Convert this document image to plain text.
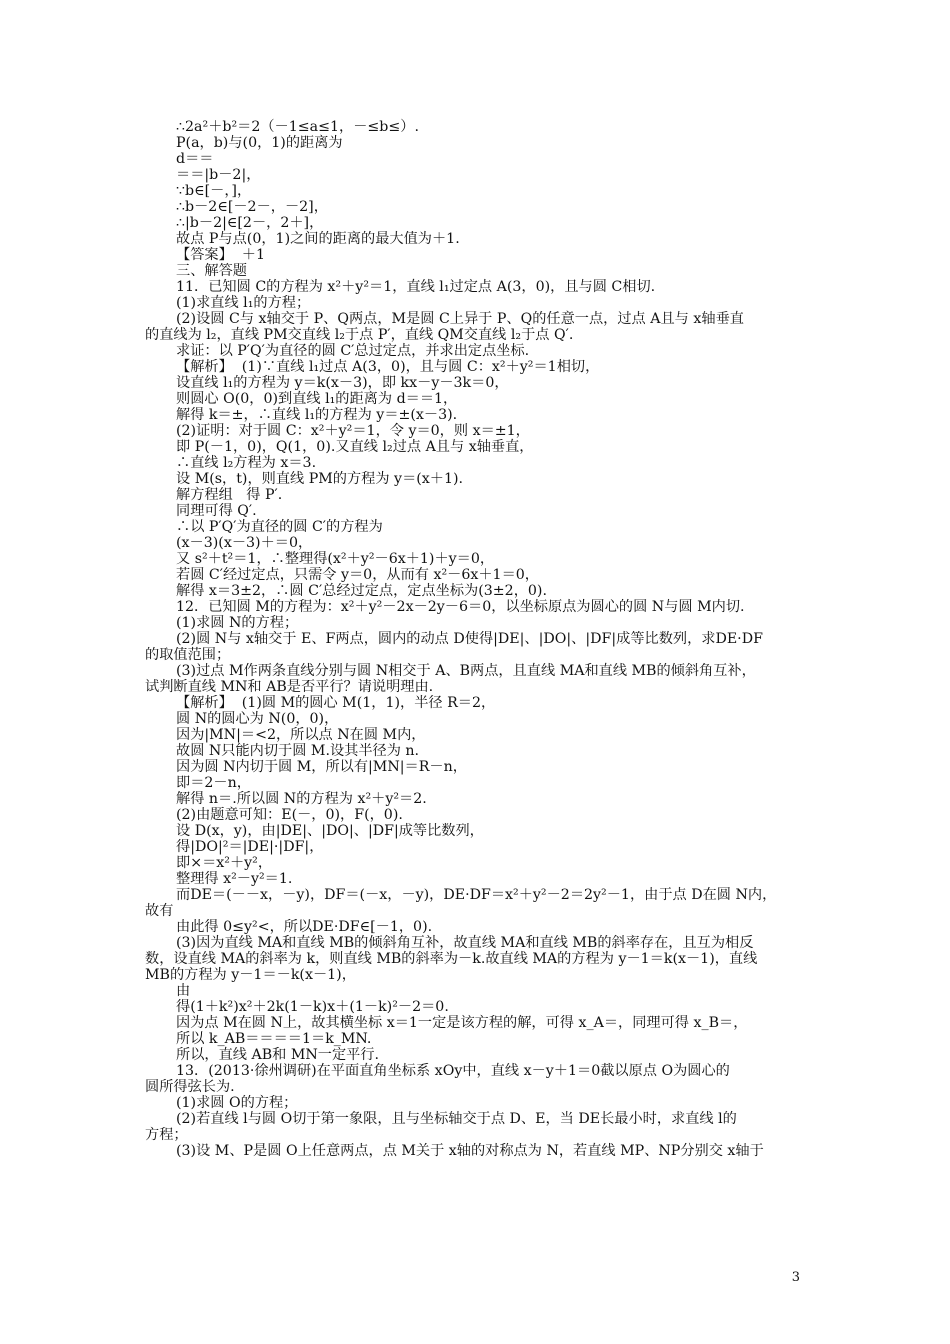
∴2a²＋b²＝2（－1≤a≤1，－≤b≤）.
P(a，b)与(0，1)的距离为
d＝＝
＝＝|b－2|，
∵b∈[－，]，
∴b－2∈[－2－，－2]，
∴|b－2|∈[2－，2＋]，
故点 P与点(0，1)之间的距离的最大值为＋1.
【答案】  ＋1
三、解答题
11．已知圆 C的方程为 x²＋y²＝1，直线 l₁过定点 A(3，0)，且与圆 C相切.
(1)求直线 l₁的方程；
(2)设圆 C与 x轴交于 P、Q两点，M是圆 C上异于 P、Q的任意一点，过点 A且与 x轴垂直
的直线为 l₂，直线 PM交直线 l₂于点 P′，直线 QM交直线 l₂于点 Q′.
求证：以 P′Q′为直径的圆 C′总过定点，并求出定点坐标.
【解析】  (1)∵直线 l₁过点 A(3，0)，且与圆 C：x²＋y²＝1相切，
设直线 l₁的方程为 y＝k(x－3)，即 kx－y－3k＝0，
则圆心 O(0，0)到直线 l₁的距离为 d＝＝1，
解得 k＝±，∴直线 l₁的方程为 y＝±(x－3).
(2)证明：对于圆 C：x²＋y²＝1，令 y＝0，则 x＝±1，
即 P(－1，0)，Q(1，0).又直线 l₂过点 A且与 x轴垂直，
∴直线 l₂方程为 x＝3.
设 M(s，t)，则直线 PM的方程为 y＝(x＋1).
解方程组   得 P′.
同理可得 Q′.
∴以 P′Q′为直径的圆 C′的方程为
(x－3)(x－3)＋＝0，
又 s²＋t²＝1，∴整理得(x²＋y²－6x＋1)＋y＝0，
若圆 C′经过定点，只需令 y＝0，从而有 x²－6x＋1＝0，
解得 x＝3±2，∴圆 C′总经过定点，定点坐标为(3±2，0).
12．已知圆 M的方程为：x²＋y²－2x－2y－6＝0，以坐标原点为圆心的圆 N与圆 M内切.
(1)求圆 N的方程；
(2)圆 N与 x轴交于 E、F两点，圆内的动点 D使得|DE|、|DO|、|DF|成等比数列，求DE·DF
的取值范围；
(3)过点 M作两条直线分别与圆 N相交于 A、B两点，且直线 MA和直线 MB的倾斜角互补，
试判断直线 MN和 AB是否平行？请说明理由.
【解析】  (1)圆 M的圆心 M(1，1)，半径 R＝2，
圆 N的圆心为 N(0，0)，
因为|MN|＝<2，所以点 N在圆 M内，
故圆 N只能内切于圆 M.设其半径为 n.
因为圆 N内切于圆 M，所以有|MN|＝R－n，
即＝2－n，
解得 n＝.所以圆 N的方程为 x²＋y²＝2.
(2)由题意可知：E(－，0)，F(，0).
设 D(x，y)，由|DE|、|DO|、|DF|成等比数列，
得|DO|²＝|DE|·|DF|，
即×＝x²＋y²，
整理得 x²－y²＝1.
而DE＝(－－x，－y)，DF＝(－x，－y)，DE·DF＝x²＋y²－2＝2y²－1，由于点 D在圆 N内，
故有
由此得 0≤y²<，所以DE·DF∈[－1，0).
(3)因为直线 MA和直线 MB的倾斜角互补，故直线 MA和直线 MB的斜率存在，且互为相反
数，设直线 MA的斜率为 k，则直线 MB的斜率为－k.故直线 MA的方程为 y－1＝k(x－1)，直线
MB的方程为 y－1＝－k(x－1)，
由
得(1＋k²)x²＋2k(1－k)x＋(1－k)²－2＝0.
因为点 M在圆 N上，故其横坐标 x＝1一定是该方程的解，可得 x_A＝，同理可得 x_B＝，
所以 k_AB＝＝＝＝1＝k_MN.
所以，直线 AB和 MN一定平行.
13．(2013·徐州调研)在平面直角坐标系 xOy中，直线 x－y＋1＝0截以原点 O为圆心的
圆所得弦长为.
(1)求圆 O的方程；
(2)若直线 l与圆 O切于第一象限，且与坐标轴交于点 D、E，当 DE长最小时，求直线 l的
方程；
(3)设 M、P是圆 O上任意两点，点 M关于 x轴的对称点为 N，若直线 MP、NP分别交 x轴于
3
